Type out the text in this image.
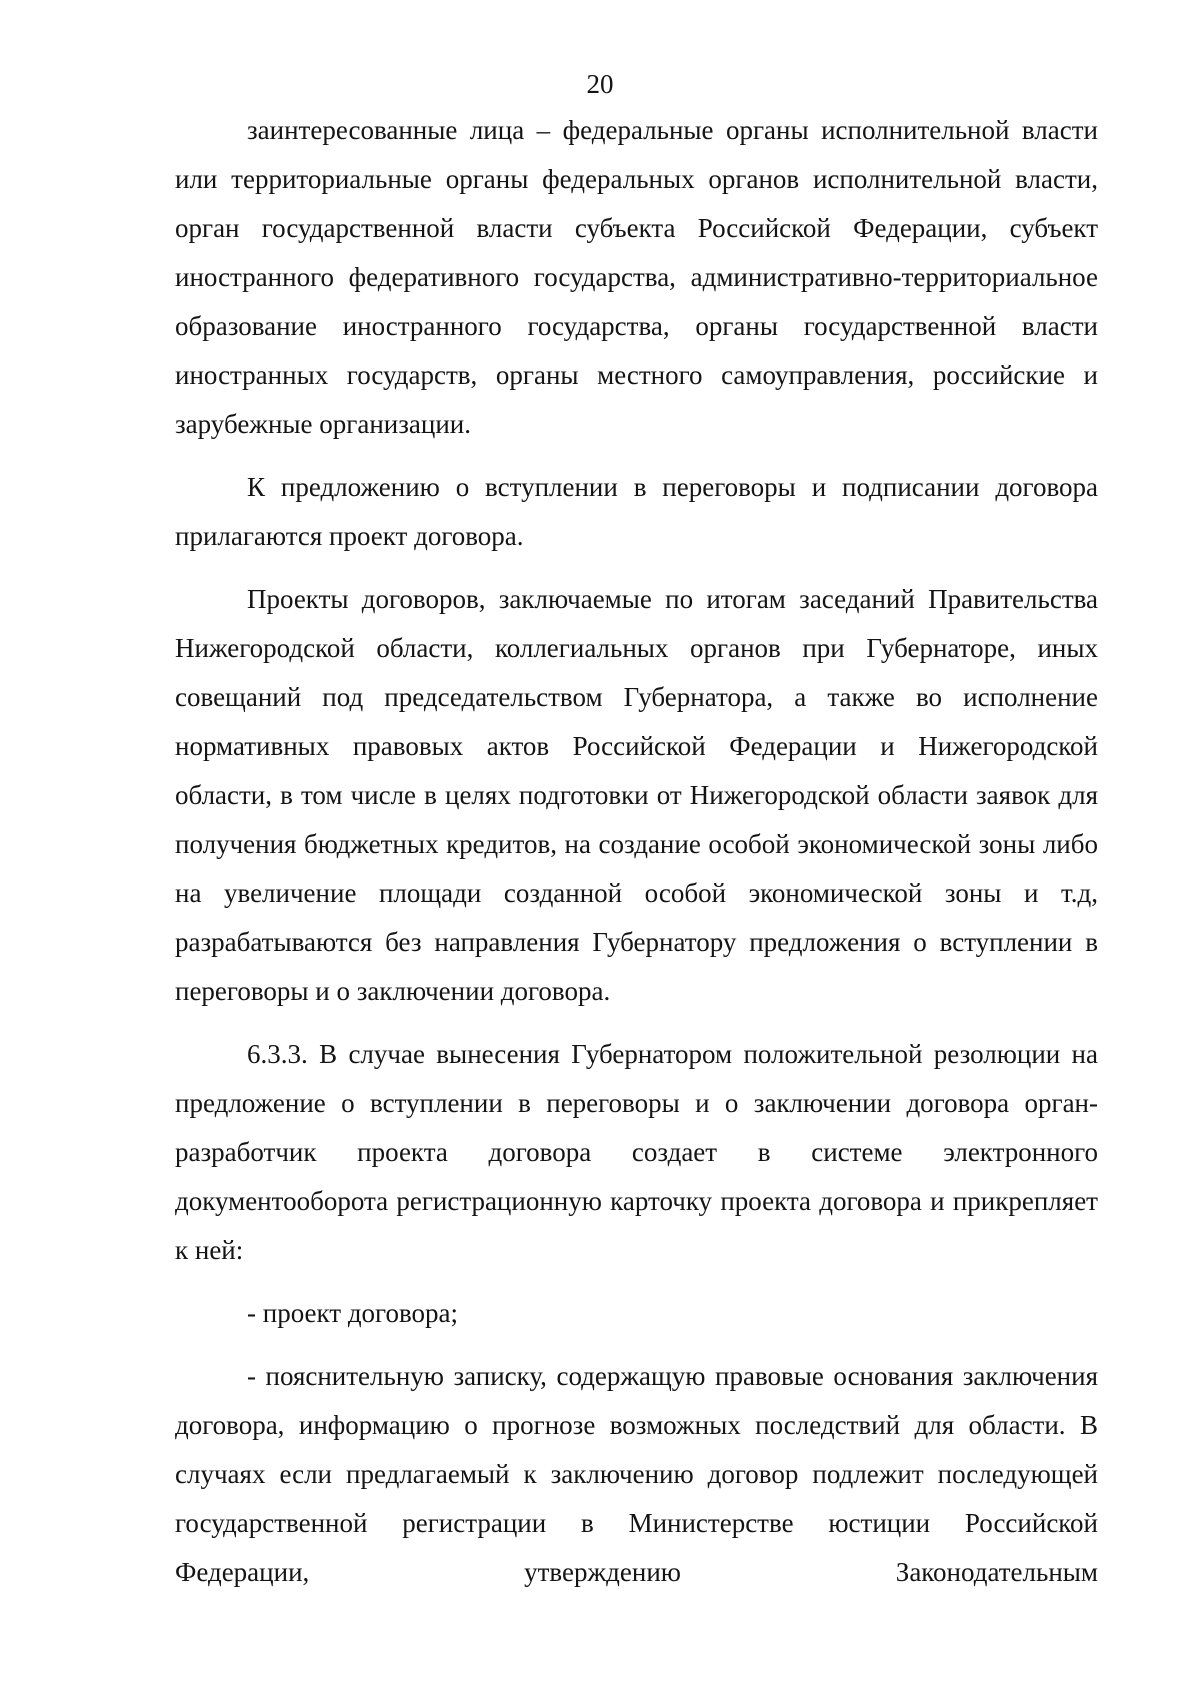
20

заинтересованные лица – федеральные органы исполнительной власти или территориальные органы федеральных органов исполнительной власти, орган государственной власти субъекта Российской Федерации, субъект иностранного федеративного государства, административно-территориальное образование иностранного государства, органы государственной власти иностранных государств, органы местного самоуправления, российские и зарубежные организации.

К предложению о вступлении в переговоры и подписании договора прилагаются проект договора.

Проекты договоров, заключаемые по итогам заседаний Правительства Нижегородской области, коллегиальных органов при Губернаторе, иных совещаний под председательством Губернатора, а также во исполнение нормативных правовых актов Российской Федерации и Нижегородской области, в том числе в целях подготовки от Нижегородской области заявок для получения бюджетных кредитов, на создание особой экономической зоны либо на увеличение площади созданной особой экономической зоны и т.д, разрабатываются без направления Губернатору предложения о вступлении в переговоры и о заключении договора.

6.3.3. В случае вынесения Губернатором положительной резолюции на предложение о вступлении в переговоры и о заключении договора орган-разработчик проекта договора создает в системе электронного документооборота регистрационную карточку проекта договора и прикрепляет к ней:

- проект договора;

- пояснительную записку, содержащую правовые основания заключения договора, информацию о прогнозе возможных последствий для области. В случаях если предлагаемый к заключению договор подлежит последующей государственной регистрации в Министерстве юстиции Российской Федерации, утверждению Законодательным
